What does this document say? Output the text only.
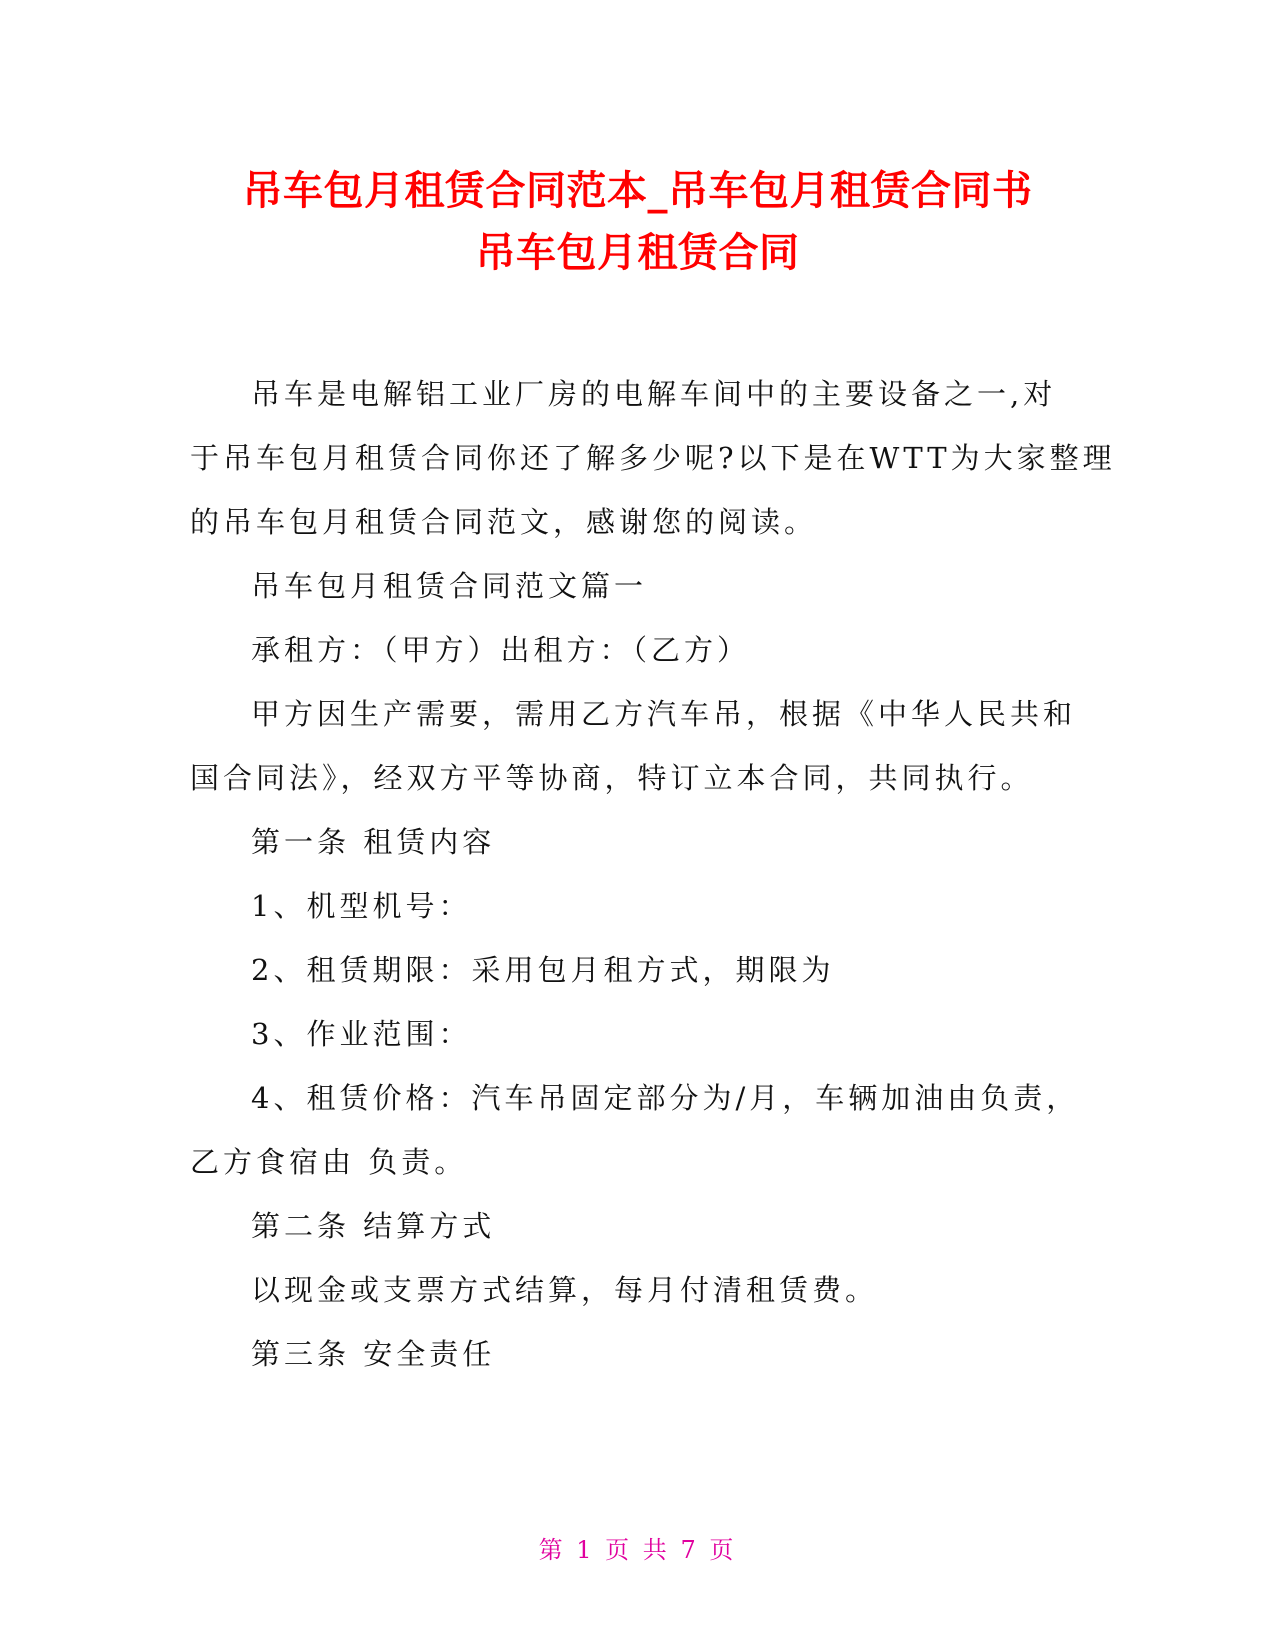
吊车包月租赁合同范本_吊车包月租赁合同书
吊车包月租赁合同

吊车是电解铝工业厂房的电解车间中的主要设备之一,对

于吊车包月租赁合同你还了解多少呢?以下是在WTT为大家整理

的吊车包月租赁合同范文，感谢您的阅读。

吊车包月租赁合同范文篇一

承租方：（甲方）出租方：（乙方）

甲方因生产需要，需用乙方汽车吊，根据《中华人民共和

国合同法》，经双方平等协商，特订立本合同，共同执行。

第一条 租赁内容

1、机型机号：

2、租赁期限：采用包月租方式，期限为

3、作业范围：

4、租赁价格：汽车吊固定部分为/月，车辆加油由负责，

乙方食宿由 负责。

第二条 结算方式

以现金或支票方式结算，每月付清租赁费。

第三条 安全责任

第 1 页 共 7 页
